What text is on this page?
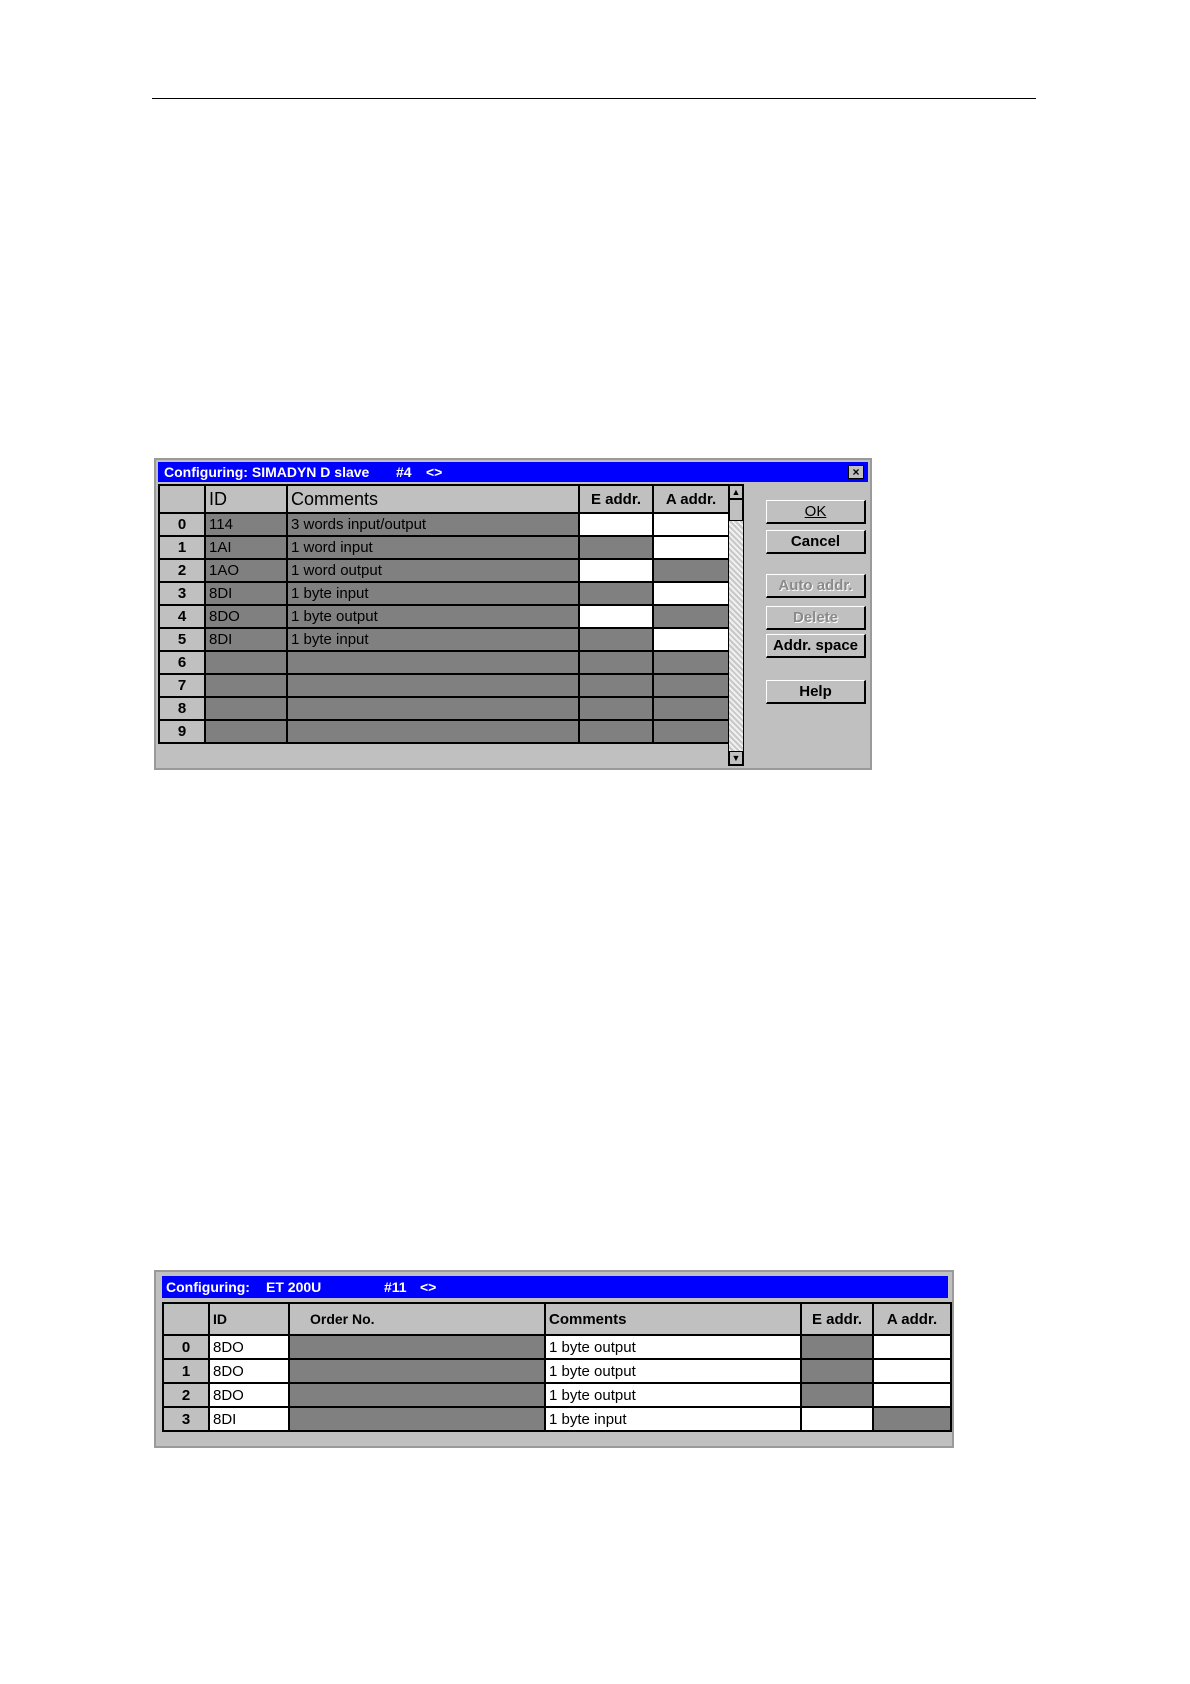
Configuring: SIMADYN D slave

#4

<>

	×

	ID	Comments	E addr.	A addr.
0	114	3 words input/output		
1	1AI	1 word input		
2	1AO	1 word output		
3	8DI	1 byte input		
4	8DO	1 byte output		
5	8DI	1 byte input		
6				
7				
8				
9				
▲
▼
OK
Cancel
Auto addr.
Delete
Addr. space
Help

Configuring:

ET 200U

	#11

<>

	ID	Order No.	Comments	E addr.	A addr.
0	8DO		1 byte output		
1	8DO		1 byte output		
2	8DO		1 byte output		
3	8DI		1 byte input		
